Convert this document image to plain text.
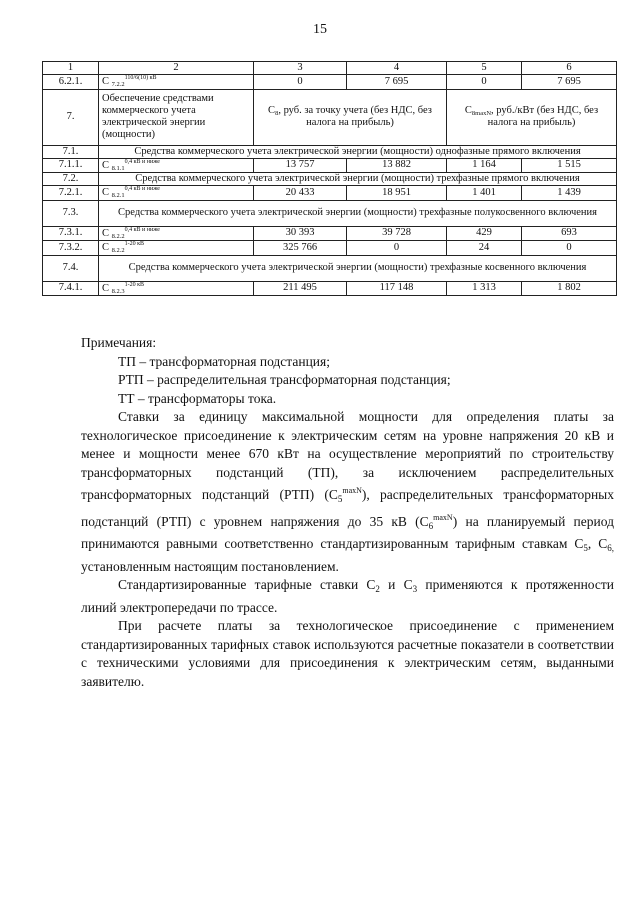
15
1	2	3	4	5	6
6.2.1.	С $_{7.2.2}^{110/6(10) кВ}$	0	7 695	0	7 695
7.	Обеспечение средствами коммерческого учета электрической энергии (мощности)	$С_8$, руб. за точку учета (без НДС, без налога на прибыль)		$С_{8maxN}$, руб./кВт (без НДС, без налога на прибыль)	
7.1.	Средства коммерческого учета электрической энергии (мощности) однофазные прямого включения				
7.1.1.	С $_{8.1.1}^{0,4 кВ и ниже}$	13 757	13 882	1 164	1 515
7.2.	Средства коммерческого учета электрической энергии (мощности) трехфазные прямого включения				
7.2.1.	С $_{8.2.1}^{0,4 кВ и ниже}$	20 433	18 951	1 401	1 439
7.3.	Средства коммерческого учета электрической энергии (мощности) трехфазные полукосвенного включения				
7.3.1.	С $_{8.2.2}^{0,4 кВ и ниже}$	30 393	39 728	429	693
7.3.2.	С $_{8.2.2}^{1-20 кВ}$	325 766	0	24	0
7.4.	Средства коммерческого учета электрической энергии (мощности) трехфазные косвенного включения				
7.4.1.	С $_{8.2.3}^{1-20 кВ}$	211 495	117 148	1 313	1 802

Примечания:

ТП – трансформаторная подстанция;

РТП – распределительная трансформаторная подстанция;

ТТ – трансформаторы тока.

Ставки за единицу максимальной мощности для определения платы за технологическое присоединение к электрическим сетям на уровне напряжения 20 кВ и менее и мощности менее 670 кВт на осуществление мероприятий по строительству трансформаторных подстанций (ТП), за исключением распределительных трансформаторных подстанций (РТП) $(С_5^{maxN})$, распределительных трансформаторных подстанций (РТП) с уровнем напряжения до 35 кВ $(С_6^{maxN})$ на планируемый период принимаются равными соответственно стандартизированным тарифным ставкам $С_5$, $С_{6,}$ установленным настоящим постановлением.

Стандартизированные тарифные ставки $С_2$ и $С_3$ применяются к протяженности линий электропередачи по трассе.

При расчете платы за технологическое присоединение с применением стандартизированных тарифных ставок используются расчетные показатели в соответствии с техническими условиями для присоединения к электрическим сетям, выданными заявителю.
